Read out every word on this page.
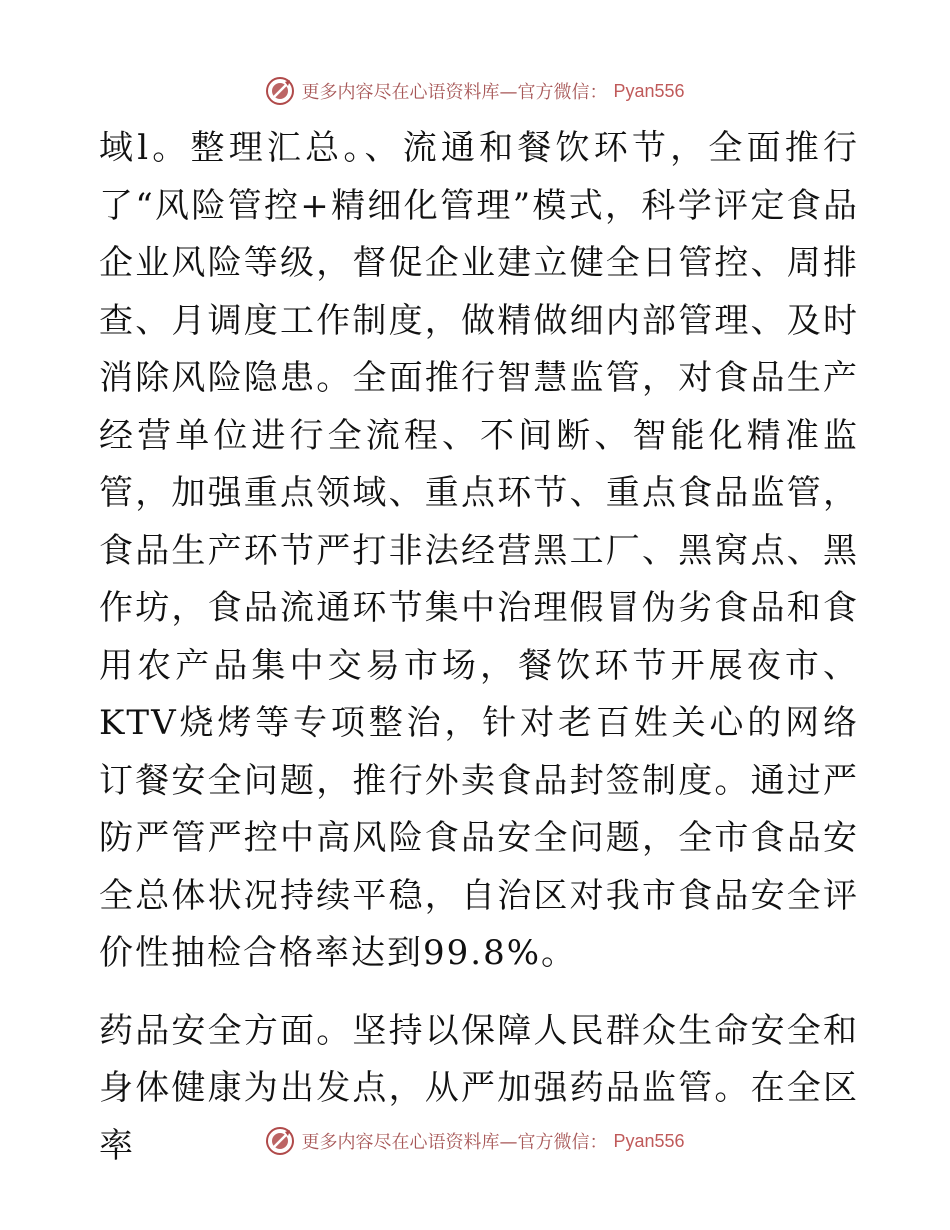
更多内容尽在心语资料库—官方微信： Pyan556

域l。整理汇总。、流通和餐饮环节，全面推行了“风险管控+精细化管理”模式，科学评定食品企业风险等级，督促企业建立健全日管控、周排查、月调度工作制度，做精做细内部管理、及时消除风险隐患。全面推行智慧监管，对食品生产经营单位进行全流程、不间断、智能化精准监管，加强重点领域、重点环节、重点食品监管，食品生产环节严打非法经营黑工厂、黑窝点、黑作坊，食品流通环节集中治理假冒伪劣食品和食用农产品集中交易市场，餐饮环节开展夜市、KTV烧烤等专项整治，针对老百姓关心的网络订餐安全问题，推行外卖食品封签制度。通过严防严管严控中高风险食品安全问题，全市食品安全总体状况持续平稳，自治区对我市食品安全评价性抽检合格率达到99.8%。

药品安全方面。坚持以保障人民群众生命安全和身体健康为出发点，从严加强药品监管。在全区率	更多内容尽在心语资料库—官方微信： Pyan556
